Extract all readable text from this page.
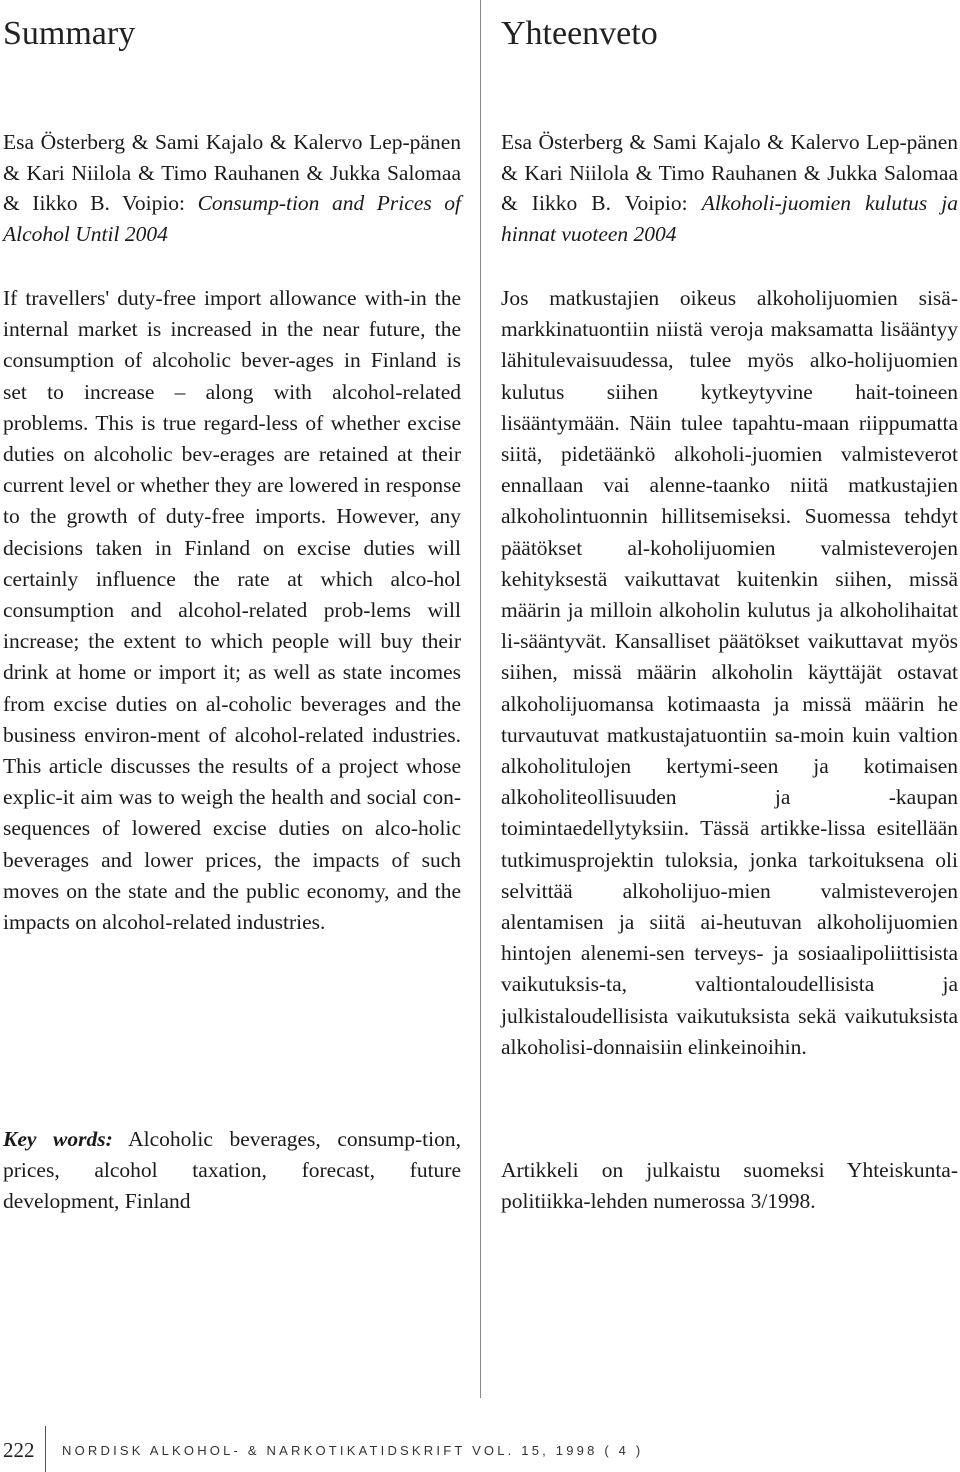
Summary

Esa Österberg & Sami Kajalo & Kalervo Lep-pänen & Kari Niilola & Timo Rauhanen & Jukka Salomaa & Iikko B. Voipio: Consump-tion and Prices of Alcohol Until 2004

If travellers' duty-free import allowance with-in the internal market is increased in the near future, the consumption of alcoholic bever-ages in Finland is set to increase – along with alcohol-related problems. This is true regard-less of whether excise duties on alcoholic bev-erages are retained at their current level or whether they are lowered in response to the growth of duty-free imports. However, any decisions taken in Finland on excise duties will certainly influence the rate at which alco-hol consumption and alcohol-related prob-lems will increase; the extent to which people will buy their drink at home or import it; as well as state incomes from excise duties on al-coholic beverages and the business environ-ment of alcohol-related industries. This article discusses the results of a project whose explic-it aim was to weigh the health and social con-sequences of lowered excise duties on alco-holic beverages and lower prices, the impacts of such moves on the state and the public economy, and the impacts on alcohol-related industries.

Key words: Alcoholic beverages, consump-tion, prices, alcohol taxation, forecast, future development, Finland

Yhteenveto

Esa Österberg & Sami Kajalo & Kalervo Lep-pänen & Kari Niilola & Timo Rauhanen & Jukka Salomaa & Iikko B. Voipio: Alkoholi-juomien kulutus ja hinnat vuoteen 2004

Jos matkustajien oikeus alkoholijuomien sisä-markkinatuontiin niistä veroja maksamatta lisääntyy lähitulevaisuudessa, tulee myös alko-holijuomien kulutus siihen kytkeytyvine hait-toineen lisääntymään. Näin tulee tapahtu-maan riippumatta siitä, pidetäänkö alkoholi-juomien valmisteverot ennallaan vai alenne-taanko niitä matkustajien alkoholintuonnin hillitsemiseksi. Suomessa tehdyt päätökset al-koholijuomien valmisteverojen kehityksestä vaikuttavat kuitenkin siihen, missä määrin ja milloin alkoholin kulutus ja alkoholihaitat li-sääntyvät. Kansalliset päätökset vaikuttavat myös siihen, missä määrin alkoholin käyttäjät ostavat alkoholijuomansa kotimaasta ja missä määrin he turvautuvat matkustajatuontiin sa-moin kuin valtion alkoholitulojen kertymi-seen ja kotimaisen alkoholiteollisuuden ja -kaupan toimintaedellytyksiin. Tässä artikke-lissa esitellään tutkimusprojektin tuloksia, jonka tarkoituksena oli selvittää alkoholijuo-mien valmisteverojen alentamisen ja siitä ai-heutuvan alkoholijuomien hintojen alenemi-sen terveys- ja sosiaalipoliittisista vaikutuksis-ta, valtiontaloudellisista ja julkistaloudellisista vaikutuksista sekä vaikutuksista alkoholisi-donnaisiin elinkeinoihin.

Artikkeli on julkaistu suomeksi Yhteiskunta-politiikka-lehden numerossa 3/1998.

222 NORDISK ALKOHOL- & NARKOTIKATIDSKRIFT VOL. 15, 1998 ( 4 )
